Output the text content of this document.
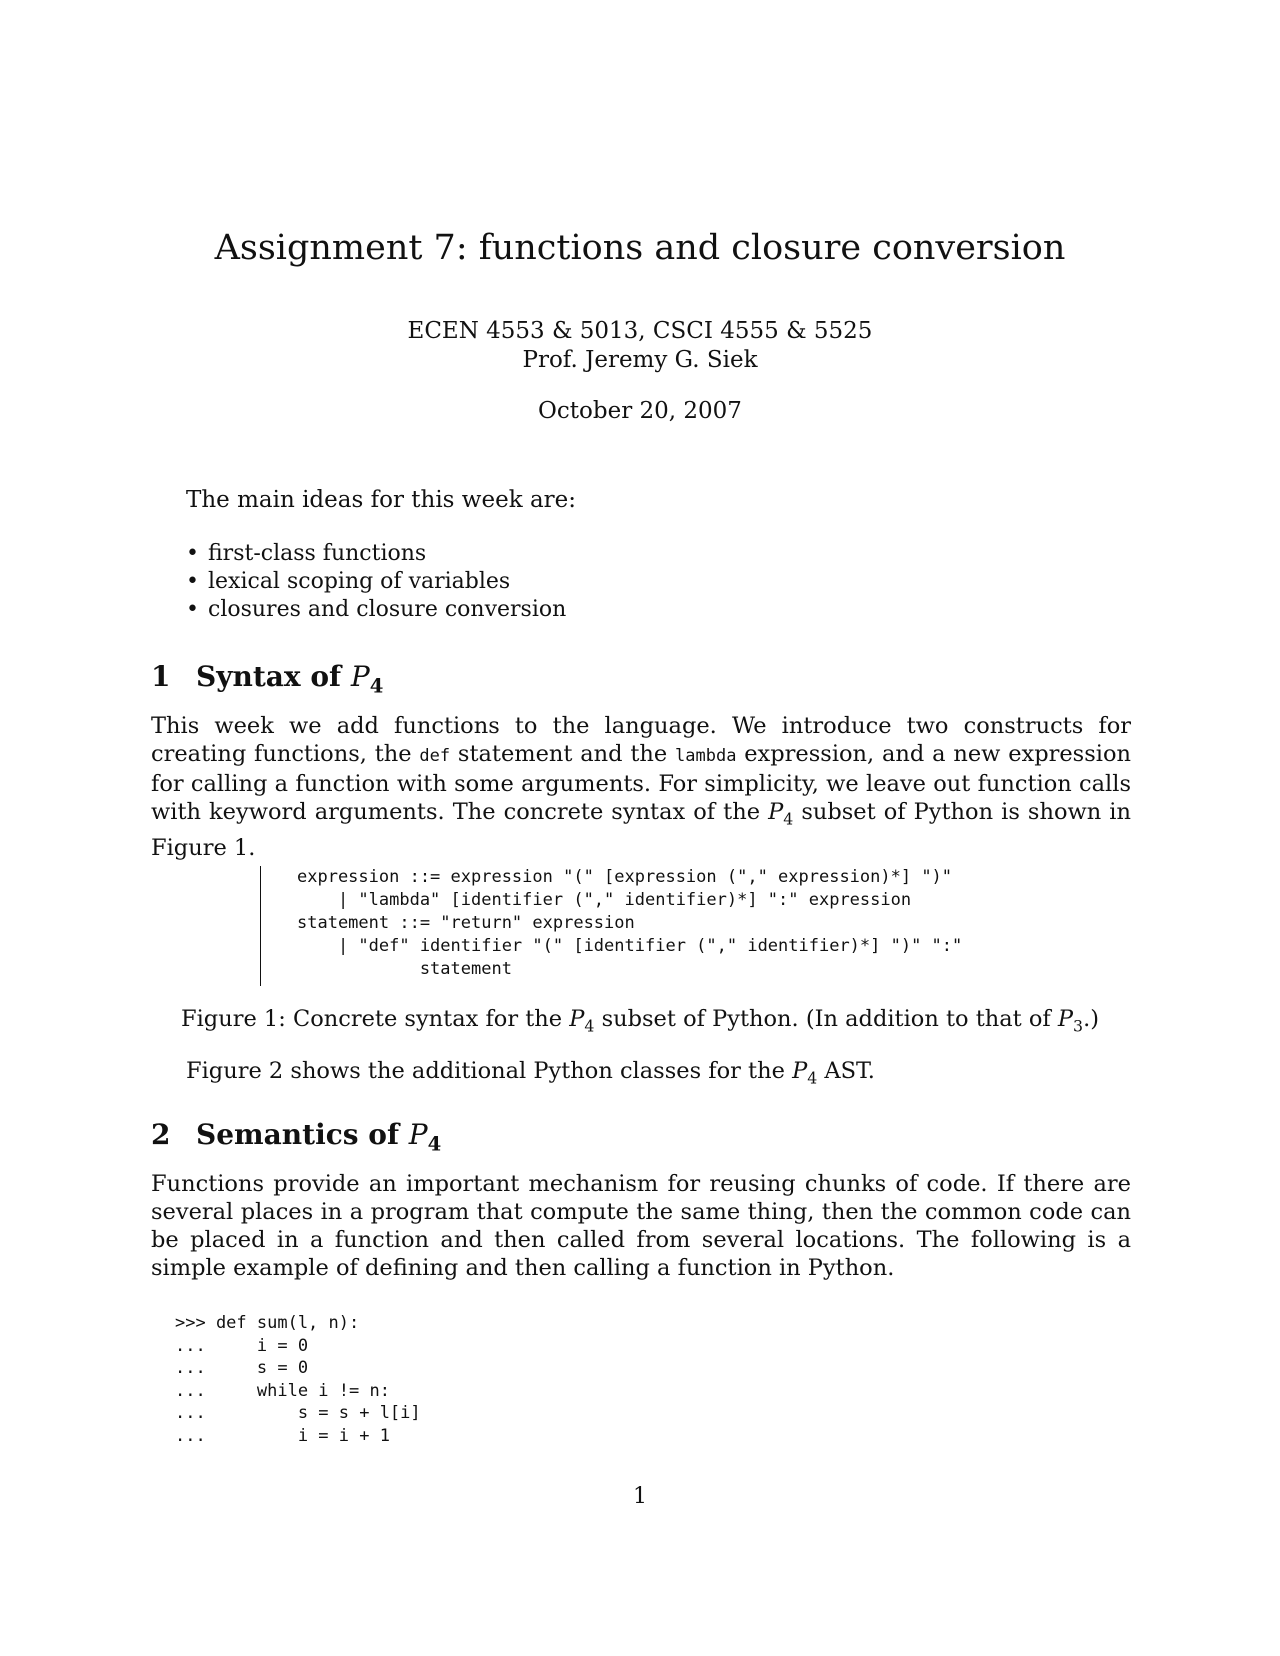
Assignment 7: functions and closure conversion
ECEN 4553 & 5013, CSCI 4555 & 5525
Prof. Jeremy G. Siek
October 20, 2007
The main ideas for this week are:
• first-class functions
• lexical scoping of variables
• closures and closure conversion
1 Syntax of $P_4$

This week we add functions to the language. We introduce two constructs for creating functions, the def statement and the lambda expression, and a new expression for calling a function with some arguments. For simplicity, we leave out function calls with keyword arguments. The concrete syntax of the $P_4$ subset of Python is shown in Figure 1.

expression ::= expression "(" [expression ("," expression)*] ")"
| "lambda" [identifier ("," identifier)*] ":" expression
statement ::= "return" expression
| "def" identifier "(" [identifier ("," identifier)*] ")" ":"
statement
Figure 1: Concrete syntax for the $P_4$ subset of Python. (In addition to that of $P_3$.)
Figure 2 shows the additional Python classes for the $P_4$ AST.
2 Semantics of $P_4$

Functions provide an important mechanism for reusing chunks of code. If there are several places in a program that compute the same thing, then the common code can be placed in a function and then called from several locations. The following is a simple example of defining and then calling a function in Python.

>>> def sum(l, n):
...     i = 0
...     s = 0
...     while i != n:
...         s = s + l[i]
...         i = i + 1
1
